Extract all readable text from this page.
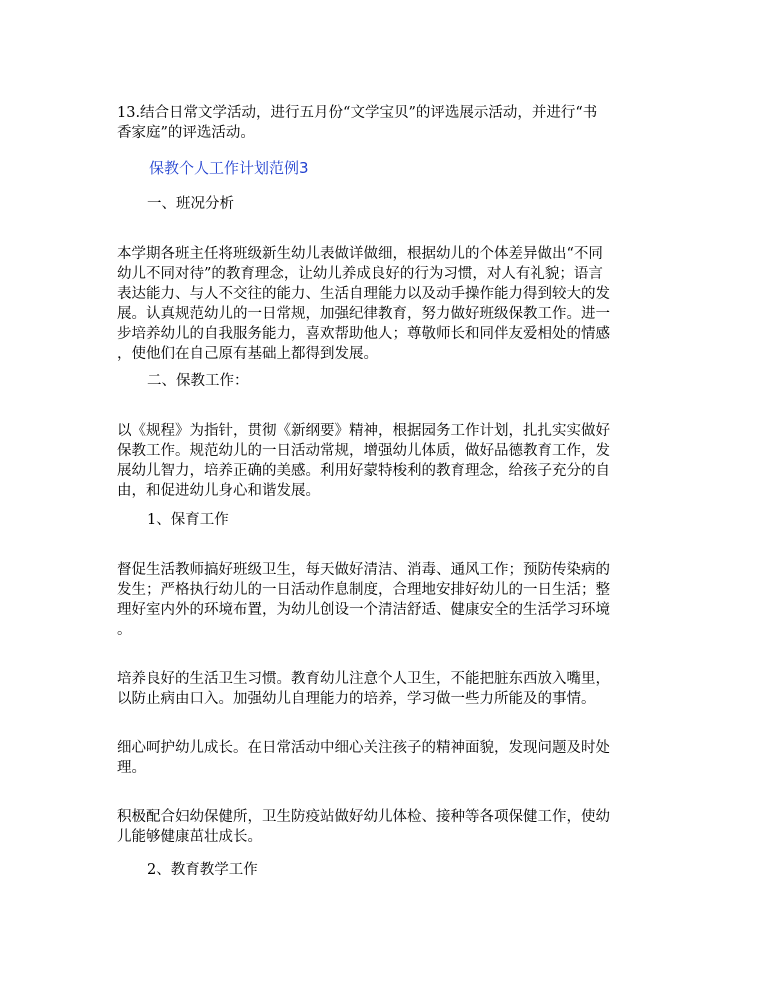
13.结合日常文学活动，进行五月份“文学宝贝”的评选展示活动，并进行“书
香家庭”的评选活动。
保教个人工作计划范例3
一、班况分析
本学期各班主任将班级新生幼儿表做详做细，根据幼儿的个体差异做出“不同
幼儿不同对待”的教育理念，让幼儿养成良好的行为习惯，对人有礼貌；语言
表达能力、与人不交往的能力、生活自理能力以及动手操作能力得到较大的发
展。认真规范幼儿的一日常规，加强纪律教育，努力做好班级保教工作。进一
步培养幼儿的自我服务能力，喜欢帮助他人；尊敬师长和同伴友爱相处的情感
，使他们在自己原有基础上都得到发展。
二、保教工作：
以《规程》为指针，贯彻《新纲要》精神，根据园务工作计划，扎扎实实做好
保教工作。规范幼儿的一日活动常规，增强幼儿体质，做好品德教育工作，发
展幼儿智力，培养正确的美感。利用好蒙特梭利的教育理念，给孩子充分的自
由，和促进幼儿身心和谐发展。
1、保育工作
督促生活教师搞好班级卫生，每天做好清洁、消毒、通风工作；预防传染病的
发生；严格执行幼儿的一日活动作息制度，合理地安排好幼儿的一日生活；整
理好室内外的环境布置，为幼儿创设一个清洁舒适、健康安全的生活学习环境
。
培养良好的生活卫生习惯。教育幼儿注意个人卫生，不能把脏东西放入嘴里，
以防止病由口入。加强幼儿自理能力的培养，学习做一些力所能及的事情。
细心呵护幼儿成长。在日常活动中细心关注孩子的精神面貌，发现问题及时处
理。
积极配合妇幼保健所，卫生防疫站做好幼儿体检、接种等各项保健工作，使幼
儿能够健康茁壮成长。
2、教育教学工作
